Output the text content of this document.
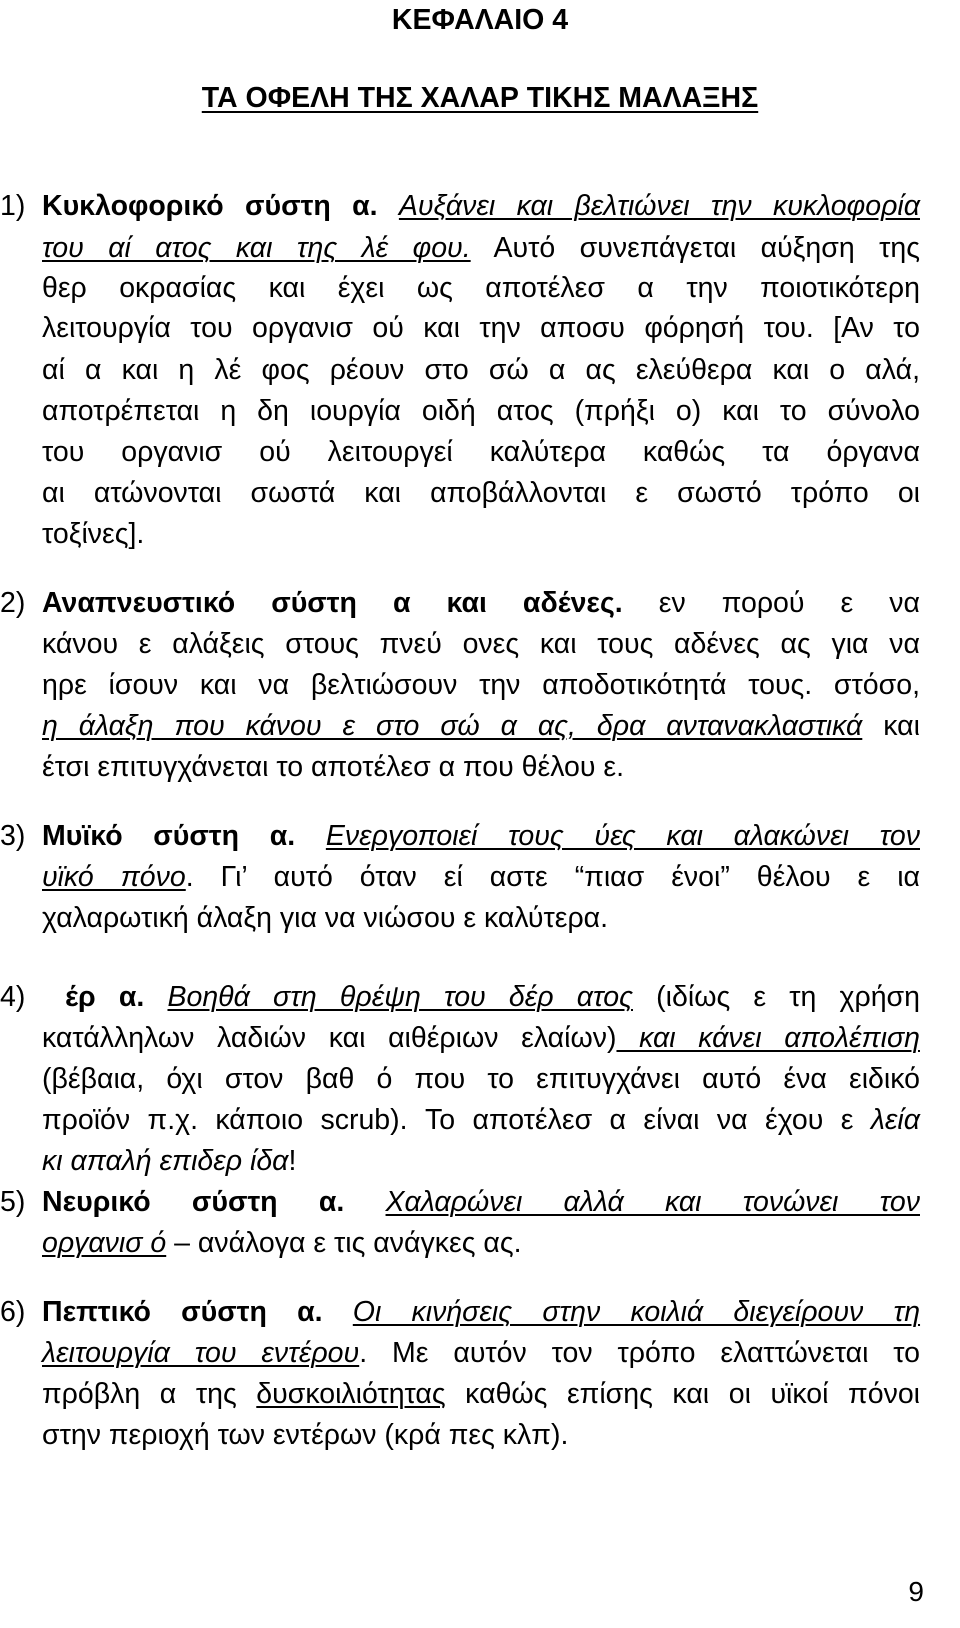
ΚΕΦΑΛΑΙΟ 4
ΤΑ ΟΦΕΛΗ ΤΗΣ ΧΑΛΑΡ ΤΙΚΗΣ ΜΑΛΑΞΗΣ
1) Κυκλοφορικό σύστη α. Αυξάνει και βελτιώνει την κυκλοφορία
του αί ατος και της λέ φου. Αυτό συνεπάγεται αύξηση της
θερ οκρασίας και έχει ως αποτέλεσ α την ποιοτικότερη
λειτουργία του οργανισ ού και την αποσυ φόρησή του. [Αν το
αί α και η λέ φος ρέουν στο σώ α ας ελεύθερα και ο αλά,
αποτρέπεται η δη ιουργία οιδή ατος (πρήξι ο) και το σύνολο
του οργανισ ού λειτουργεί καλύτερα καθώς τα όργανα
αι ατώνονται σωστά και αποβάλλονται ε σωστό τρόπο οι
τοξίνες].
2) Αναπνευστικό σύστη α και αδένες. εν πορού ε να
κάνου ε αλάξεις στους πνεύ ονες και τους αδένες ας για να
ηρε ίσουν και να βελτιώσουν την αποδοτικότητά τους. στόσο,
η άλαξη που κάνου ε στο σώ α ας, δρα αντανακλαστικά και
έτσι επιτυγχάνεται το αποτέλεσ α που θέλου ε.
3) Μυϊκό σύστη α. Ενεργοποιεί τους ύες και αλακώνει τον
υϊκό πόνο. Γι’ αυτό όταν εί αστε “πιασ ένοι” θέλου ε ια
χαλαρωτική άλαξη για να νιώσου ε καλύτερα.
4) έρ α. Βοηθά στη θρέψη του δέρ ατος (ιδίως ε τη χρήση
κατάλληλων λαδιών και αιθέριων ελαίων) και κάνει απολέπιση
(βέβαια, όχι στον βαθ ό που το επιτυγχάνει αυτό ένα ειδικό
προϊόν π.χ. κάποιο scrub). Το αποτέλεσ α είναι να έχου ε λεία
κι απαλή επιδερ ίδα!
5) Νευρικό σύστη α. Χαλαρώνει αλλά και τονώνει τον
οργανισ ό – ανάλογα ε τις ανάγκες ας.
6) Πεπτικό σύστη α. Οι κινήσεις στην κοιλιά διεγείρουν τη
λειτουργία του εντέρου. Με αυτόν τον τρόπο ελαττώνεται το
πρόβλη α της δυσκοιλιότητας καθώς επίσης και οι υϊκοί πόνοι
στην περιοχή των εντέρων (κρά πες κλπ).
9
